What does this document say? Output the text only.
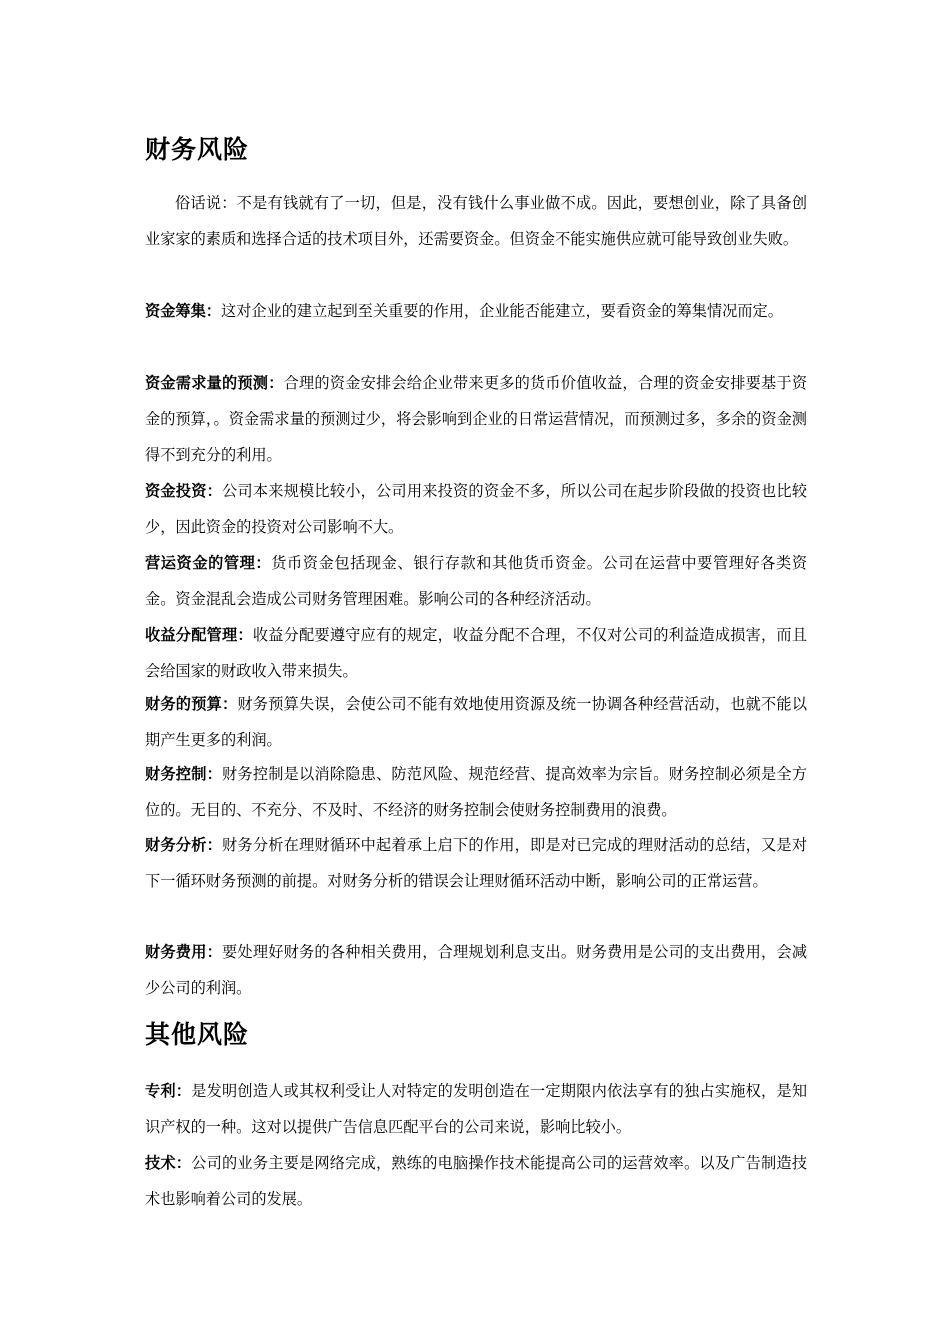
财务风险

俗话说：不是有钱就有了一切，但是，没有钱什么事业做不成。因此，要想创业，除了具备创业家家的素质和选择合适的技术项目外，还需要资金。但资金不能实施供应就可能导致创业失败。

资金筹集：这对企业的建立起到至关重要的作用，企业能否能建立，要看资金的筹集情况而定。

资金需求量的预测：合理的资金安排会给企业带来更多的货币价值收益，合理的资金安排要基于资金的预算，。资金需求量的预测过少，将会影响到企业的日常运营情况，而预测过多，多余的资金测得不到充分的利用。

资金投资：公司本来规模比较小，公司用来投资的资金不多，所以公司在起步阶段做的投资也比较少，因此资金的投资对公司影响不大。

营运资金的管理：货币资金包括现金、银行存款和其他货币资金。公司在运营中要管理好各类资金。资金混乱会造成公司财务管理困难。影响公司的各种经济活动。

收益分配管理：收益分配要遵守应有的规定，收益分配不合理，不仅对公司的利益造成损害，而且会给国家的财政收入带来损失。

财务的预算：财务预算失误，会使公司不能有效地使用资源及统一协调各种经营活动，也就不能以期产生更多的利润。

财务控制：财务控制是以消除隐患、防范风险、规范经营、提高效率为宗旨。财务控制必须是全方位的。无目的、不充分、不及时、不经济的财务控制会使财务控制费用的浪费。

财务分析：财务分析在理财循环中起着承上启下的作用，即是对已完成的理财活动的总结，又是对下一循环财务预测的前提。对财务分析的错误会让理财循环活动中断，影响公司的正常运营。

财务费用：要处理好财务的各种相关费用，合理规划利息支出。财务费用是公司的支出费用，会减少公司的利润。

其他风险

专利：是发明创造人或其权利受让人对特定的发明创造在一定期限内依法享有的独占实施权，是知识产权的一种。这对以提供广告信息匹配平台的公司来说，影响比较小。

技术：公司的业务主要是网络完成，熟练的电脑操作技术能提高公司的运营效率。以及广告制造技术也影响着公司的发展。
